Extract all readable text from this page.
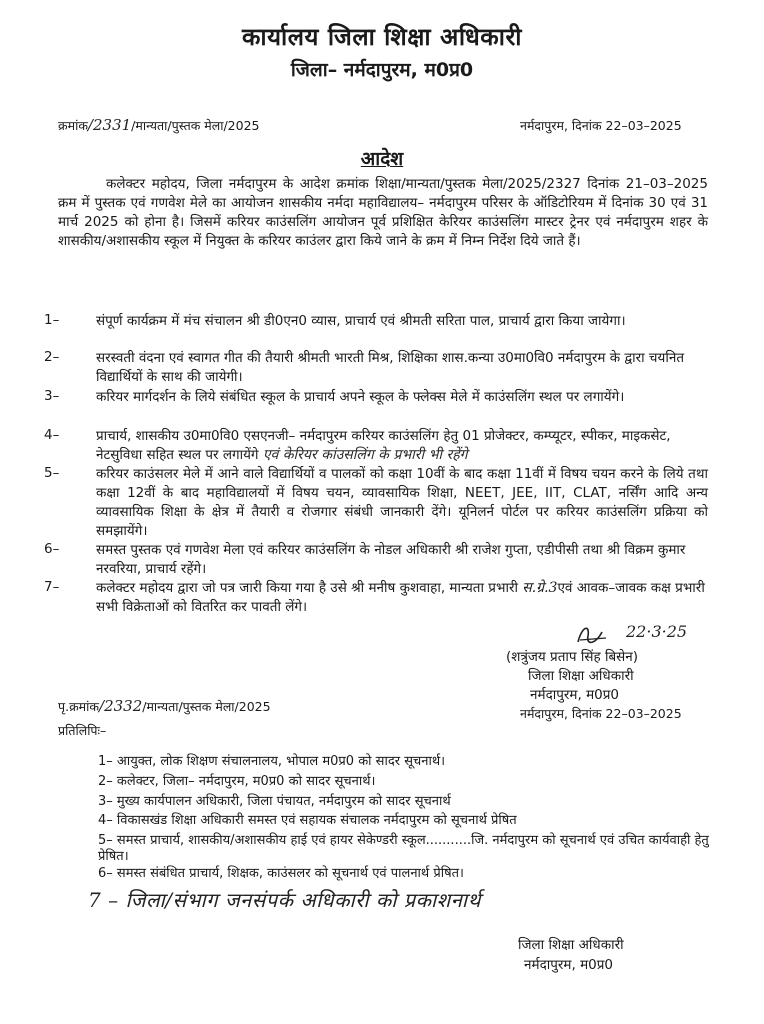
कार्यालय जिला शिक्षा अधिकारी
जिला– नर्मदापुरम, म0प्र0
क्रमांक/2331/मान्यता/पुस्तक मेला/2025	नर्मदापुरम, दिनांक 22–03–2025
आदेश
कलेक्टर महोदय, जिला नर्मदापुरम के आदेश क्रमांक शिक्षा/मान्यता/पुस्तक मेला/2025/2327 दिनांक 21–03–2025 क्रम में पुस्तक एवं गणवेश मेले का आयोजन शासकीय नर्मदा महाविद्यालय– नर्मदापुरम परिसर के ऑडिटोरियम में दिनांक 30 एवं 31 मार्च 2025 को होना है। जिसमें करियर काउंसलिंग आयोजन पूर्व प्रशिक्षित केरियर काउंसलिंग मास्टर ट्रेनर एवं नर्मदापुरम शहर के शासकीय/अशासकीय स्कूल में नियुक्त के करियर काउंलर द्वारा किये जाने के क्रम में निम्न निर्देश दिये जाते हैं।
1–	संपूर्ण कार्यक्रम में मंच संचालन श्री डी0एन0 व्यास, प्राचार्य एवं श्रीमती सरिता पाल, प्राचार्य द्वारा किया जायेगा।
2–	सरस्वती वंदना एवं स्वागत गीत की तैयारी श्रीमती भारती मिश्र, शिक्षिका शास.कन्या उ0मा0वि0 नर्मदापुरम के द्वारा चयनित विद्यार्थियों के साथ की जायेगी।
3–	करियर मार्गदर्शन के लिये संबंधित स्कूल के प्राचार्य अपने स्कूल के फ्लेक्स मेले में काउंसलिंग स्थल पर लगायेंगे।
4–	प्राचार्य, शासकीय उ0मा0वि0 एसएनजी– नर्मदापुरम करियर काउंसलिंग हेतु 01 प्रोजेक्टर, कम्प्यूटर, स्पीकर, माइकसेट, नेटसुविधा सहित स्थल पर लगायेंगे एवं केरियर कांउसलिंग के प्रभारी भी रहेंगे
5–	करियर काउंसलर मेले में आने वाले विद्यार्थियों व पालकों को कक्षा 10वीं के बाद कक्षा 11वीं में विषय चयन करने के लिये तथा कक्षा 12वीं के बाद महाविद्यालयों में विषय चयन, व्यावसायिक शिक्षा, NEET, JEE, IIT, CLAT, नर्सिंग आदि अन्य व्यावसायिक शिक्षा के क्षेत्र में तैयारी व रोजगार संबंधी जानकारी देंगे। यूनिलर्न पोर्टल पर करियर काउंसलिंग प्रक्रिया को समझायेंगे।
6–	समस्त पुस्तक एवं गणवेश मेला एवं करियर काउंसलिंग के नोडल अधिकारी श्री राजेश गुप्ता, एडीपीसी तथा श्री विक्रम कुमार नरवरिया, प्राचार्य रहेंगे।
7–	कलेक्टर महोदय द्वारा जो पत्र जारी किया गया है उसे श्री मनीष कुशवाहा, मान्यता प्रभारी स.ग्रे.3एवं आवक–जावक कक्ष प्रभारी सभी विक्रेताओं को वितरित कर पावती लेंगे।
22·3·25
(शत्रुंजय प्रताप सिंह बिसेन)
जिला शिक्षा अधिकारी
नर्मदापुरम, म0प्र0
पृ.क्रमांक/2332/मान्यता/पुस्तक मेला/2025	नर्मदापुरम, दिनांक 22–03–2025
प्रतिलिपिः–
1– आयुक्त, लोक शिक्षण संचालनालय, भोपाल म0प्र0 को सादर सूचनार्थ।
2– कलेक्टर, जिला– नर्मदापुरम, म0प्र0 को सादर सूचनार्थ।
3– मुख्य कार्यपालन अधिकारी, जिला पंचायत, नर्मदापुरम को सादर सूचनार्थ
4– विकासखंड शिक्षा अधिकारी समस्त एवं सहायक संचालक नर्मदापुरम को सूचनार्थ प्रेषित
5– समस्त प्राचार्य, शासकीय/अशासकीय हाई एवं हायर सेकेण्डरी स्कूल...........जि. नर्मदापुरम को सूचनार्थ एवं उचित कार्यवाही हेतु प्रेषित।
6– समस्त संबंधित प्राचार्य, शिक्षक, काउंसलर को सूचनार्थ एवं पालनार्थ प्रेषित।
7 – जिला/संभाग जनसंपर्क अधिकारी को प्रकाशनार्थ
जिला शिक्षा अधिकारी
नर्मदापुरम, म0प्र0
